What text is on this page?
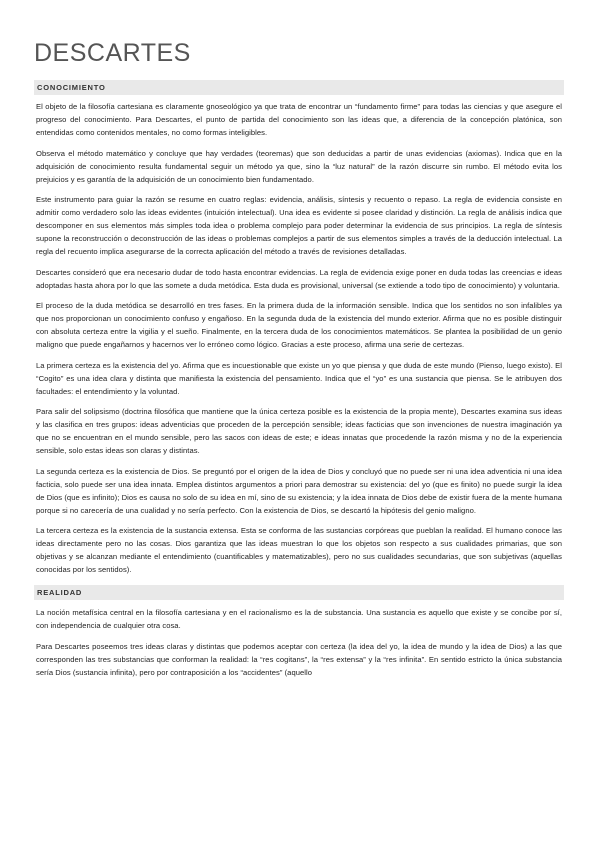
DESCARTES
CONOCIMIENTO

El objeto de la filosofía cartesiana es claramente gnoseológico ya que trata de encontrar un “fundamento firme” para todas las ciencias y que asegure el progreso del conocimiento. Para Descartes, el punto de partida del conocimiento son las ideas que, a diferencia de la concepción platónica, son entendidas como contenidos mentales, no como formas inteligibles.

Observa el método matemático y concluye que hay verdades (teoremas) que son deducidas a partir de unas evidencias (axiomas). Indica que en la adquisición de conocimiento resulta fundamental seguir un método ya que, sino la “luz natural” de la razón discurre sin rumbo. El método evita los prejuicios y es garantía de la adquisición de un conocimiento bien fundamentado.

Este instrumento para guiar la razón se resume en cuatro reglas: evidencia, análisis, síntesis y recuento o repaso. La regla de evidencia consiste en admitir como verdadero solo las ideas evidentes (intuición intelectual). Una idea es evidente si posee claridad y distinción. La regla de análisis indica que descomponer en sus elementos más simples toda idea o problema complejo para poder determinar la evidencia de sus principios. La regla de síntesis supone la reconstrucción o deconstrucción de las ideas o problemas complejos a partir de sus elementos simples a través de la deducción intelectual. La regla del recuento implica asegurarse de la correcta aplicación del método a través de revisiones detalladas.

Descartes consideró que era necesario dudar de todo hasta encontrar evidencias. La regla de evidencia exige poner en duda todas las creencias e ideas adoptadas hasta ahora por lo que las somete a duda metódica. Esta duda es provisional, universal (se extiende a todo tipo de conocimiento) y voluntaria.

El proceso de la duda metódica se desarrolló en tres fases. En la primera duda de la información sensible. Indica que los sentidos no son infalibles ya que nos proporcionan un conocimiento confuso y engañoso. En la segunda duda de la existencia del mundo exterior. Afirma que no es posible distinguir con absoluta certeza entre la vigilia y el sueño. Finalmente, en la tercera duda de los conocimientos matemáticos. Se plantea la posibilidad de un genio maligno que puede engañarnos y hacernos ver lo erróneo como lógico. Gracias a este proceso, afirma una serie de certezas.

La primera certeza es la existencia del yo. Afirma que es incuestionable que existe un yo que piensa y que duda de este mundo (Pienso, luego existo). El “Cogito” es una idea clara y distinta que manifiesta la existencia del pensamiento. Indica que el “yo” es una sustancia que piensa. Se le atribuyen dos facultades: el entendimiento y la voluntad.

Para salir del solipsismo (doctrina filosófica que mantiene que la única certeza posible es la existencia de la propia mente), Descartes examina sus ideas y las clasifica en tres grupos: ideas adventicias que proceden de la percepción sensible; ideas facticias que son invenciones de nuestra imaginación ya que no se encuentran en el mundo sensible, pero las sacos con ideas de este; e ideas innatas que procedende la razón misma y no de la experiencia sensible, solo estas ideas son claras y distintas.

La segunda certeza es la existencia de Dios. Se preguntó por el origen de la idea de Dios y concluyó que no puede ser ni una idea adventicia ni una idea facticia, solo puede ser una idea innata. Emplea distintos argumentos a priori para demostrar su existencia: del yo (que es finito) no puede surgir la idea de Dios (que es infinito); Dios es causa no solo de su idea en mí, sino de su existencia; y la idea innata de Dios debe de existir fuera de la mente humana porque si no carecería de una cualidad y no sería perfecto. Con la existencia de Dios, se descartó la hipótesis del genio maligno.

La tercera certeza es la existencia de la sustancia extensa. Esta se conforma de las sustancias corpóreas que pueblan la realidad. El humano conoce las ideas directamente pero no las cosas. Dios garantiza que las ideas muestran lo que los objetos son respecto a sus cualidades primarias, que son objetivas y se alcanzan mediante el entendimiento (cuantificables y matematizables), pero no sus cualidades secundarias, que son subjetivas (aquellas conocidas por los sentidos).

REALIDAD

La noción metafísica central en la filosofía cartesiana y en el racionalismo es la de substancia. Una sustancia es aquello que existe y se concibe por sí, con independencia de cualquier otra cosa.

Para Descartes poseemos tres ideas claras y distintas que podemos aceptar con certeza (la idea del yo, la idea de mundo y la idea de Dios) a las que corresponden las tres substancias que conforman la realidad: la “res cogitans”, la “res extensa” y la “res infinita”. En sentido estricto la única substancia sería Dios (sustancia infinita), pero por contraposición a los “accidentes” (aquello
